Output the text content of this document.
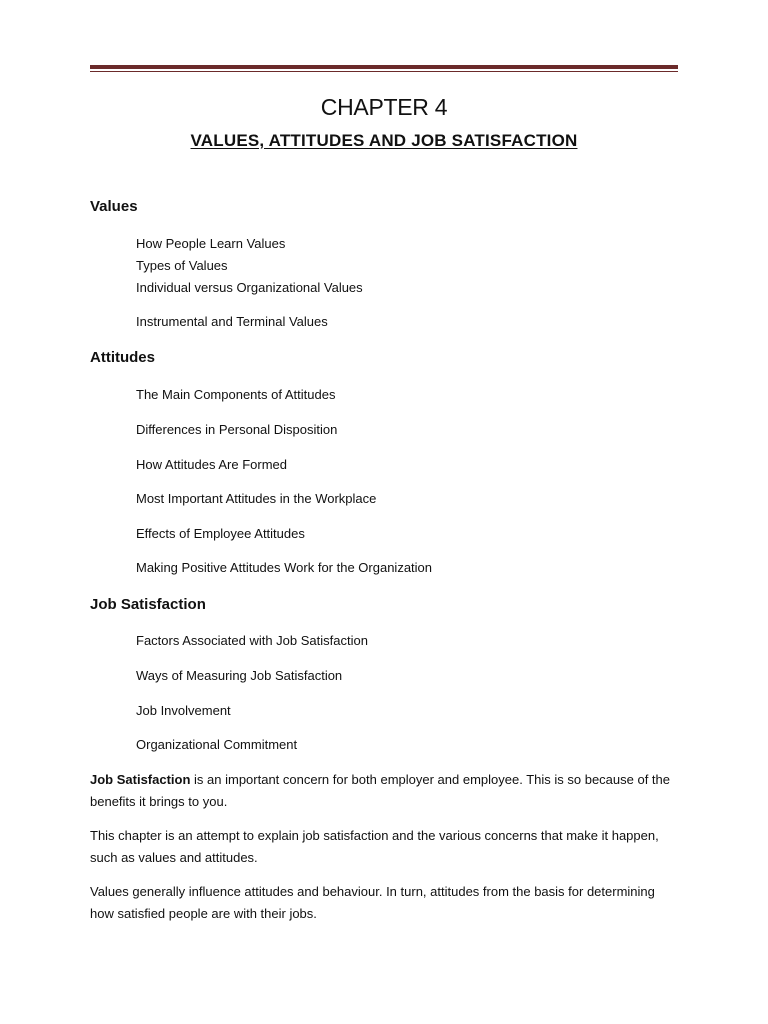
CHAPTER 4
VALUES, ATTITUDES AND JOB SATISFACTION
Values
How People Learn Values
Types of Values
Individual versus Organizational Values
Instrumental and Terminal Values
Attitudes
The Main Components of Attitudes
Differences in Personal Disposition
How Attitudes Are Formed
Most Important Attitudes in the Workplace
Effects of Employee Attitudes
Making Positive Attitudes Work for the Organization
Job Satisfaction
Factors Associated with Job Satisfaction
Ways of Measuring Job Satisfaction
Job Involvement
Organizational Commitment
Job Satisfaction is an important concern for both employer and employee. This is so because of the benefits it brings to you.
This chapter is an attempt to explain job satisfaction and the various concerns that make it happen, such as values and attitudes.
Values generally influence attitudes and behaviour. In turn, attitudes from the basis for determining how satisfied people are with their jobs.
